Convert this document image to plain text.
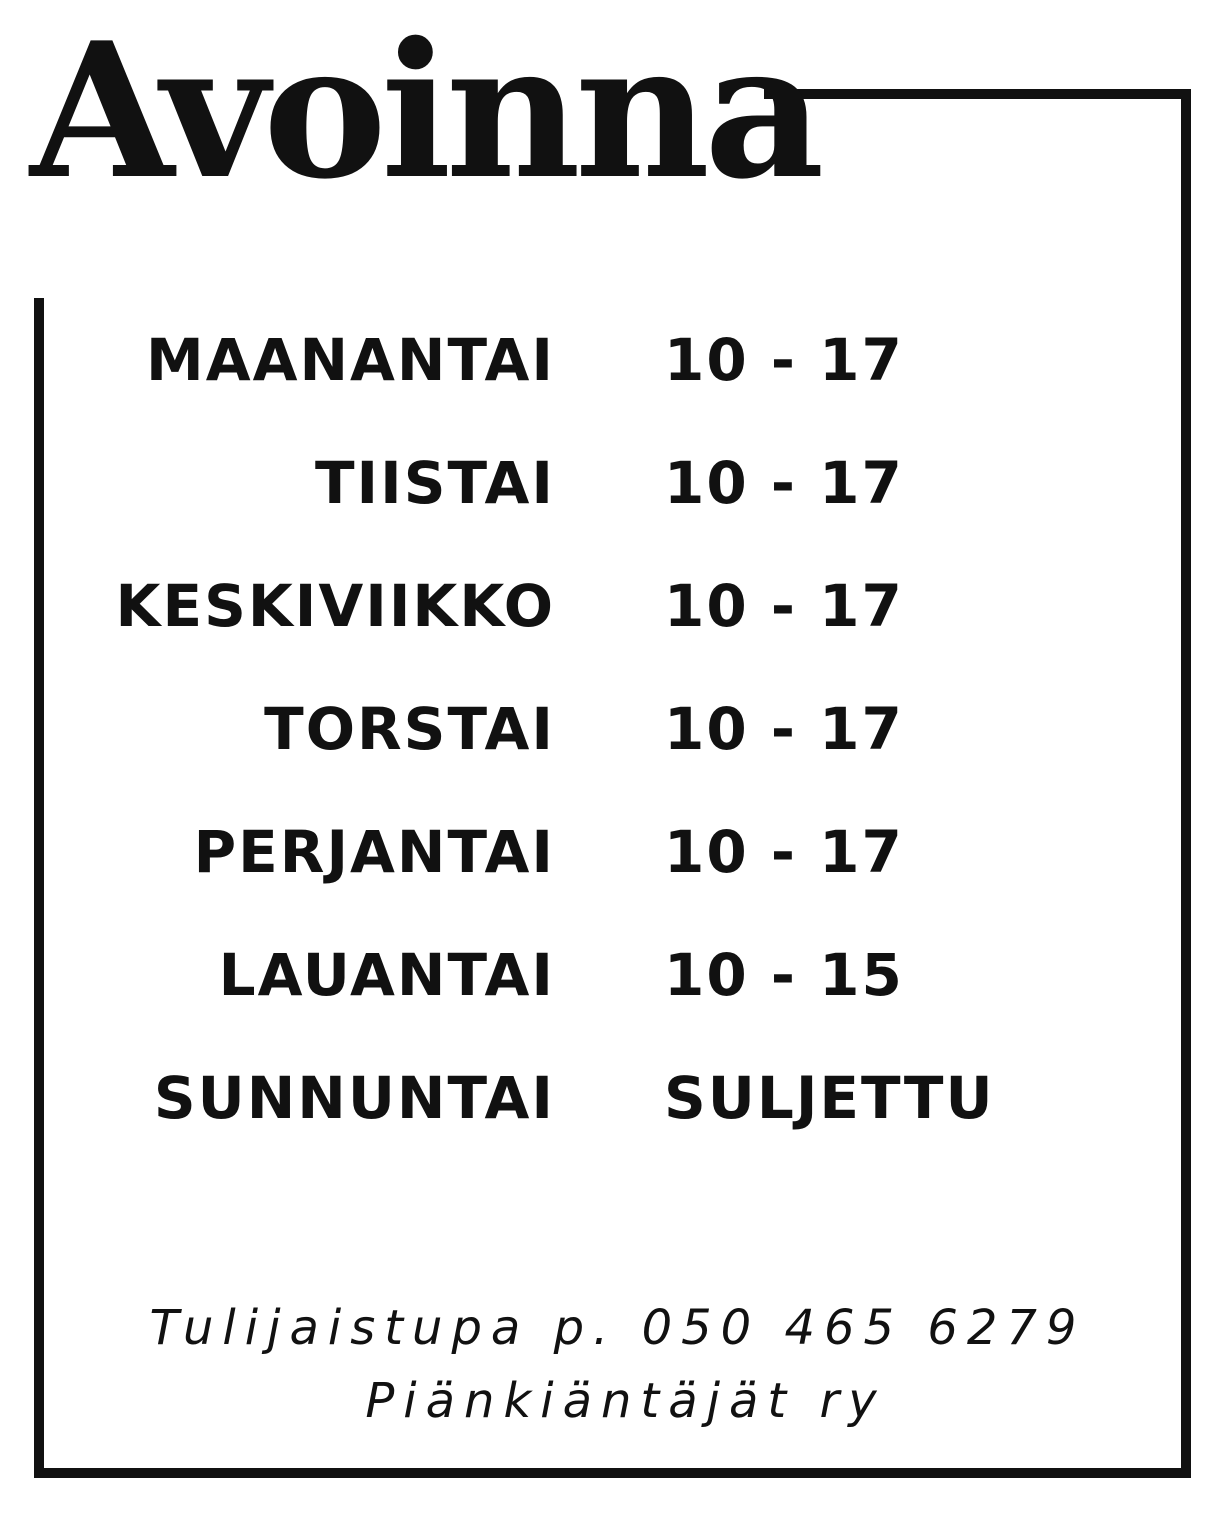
Avoinna
MAANANTAI 10 - 17
TIISTAI 10 - 17
KESKIVIIKKO 10 - 17
TORSTAI 10 - 17
PERJANTAI 10 - 17
LAUANTAI 10 - 15
SUNNUNTAI SULJETTU
Tulijaistupa p. 050 465 6279
Piänkiäntäjät ry
